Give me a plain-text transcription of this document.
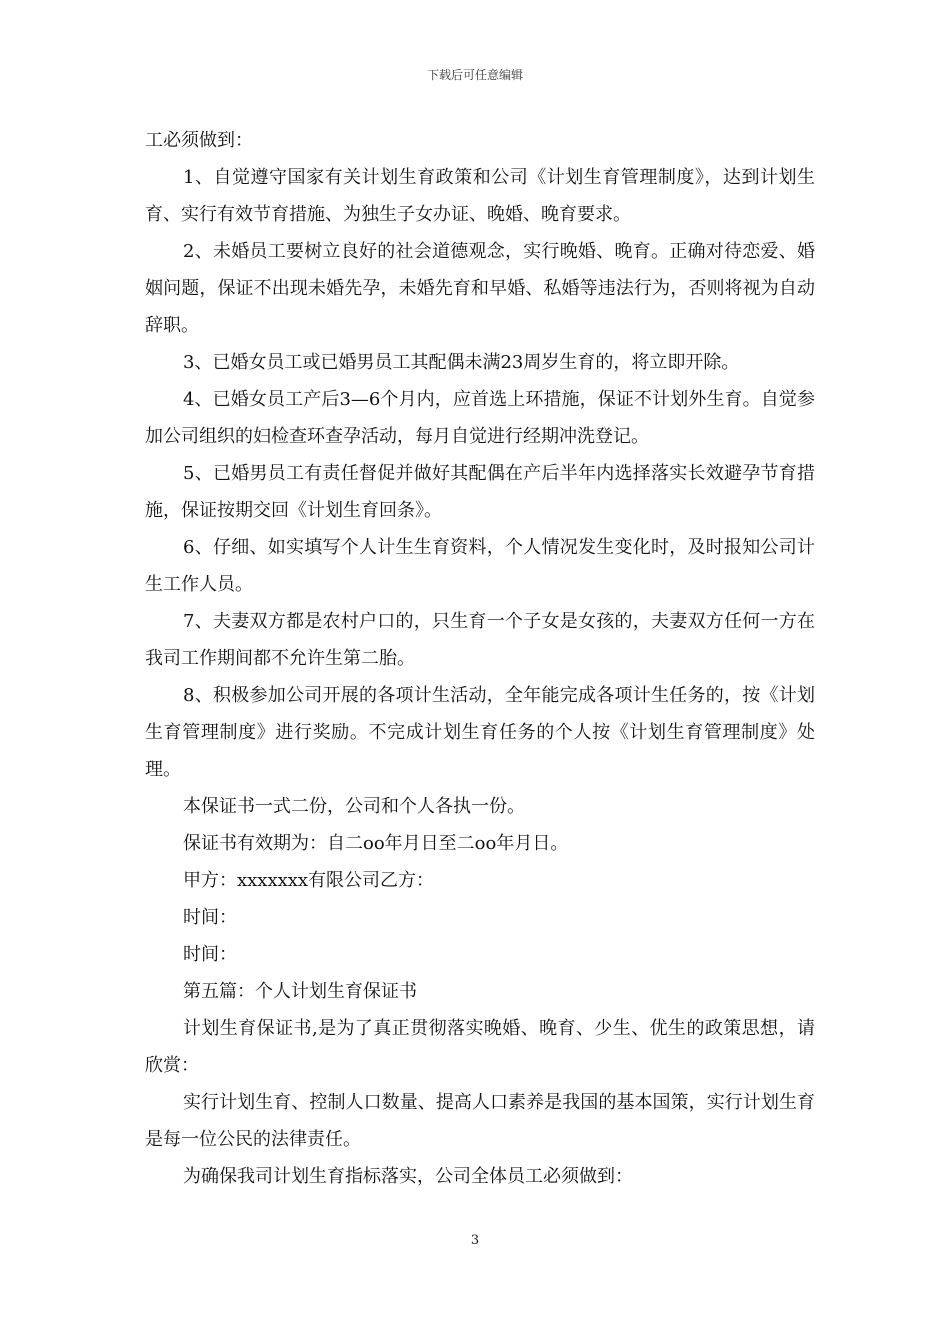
下载后可任意编辑

工必须做到：

1、自觉遵守国家有关计划生育政策和公司《计划生育管理制度》，达到计划生育、实行有效节育措施、为独生子女办证、晚婚、晚育要求。

2、未婚员工要树立良好的社会道德观念，实行晚婚、晚育。正确对待恋爱、婚姻问题，保证不出现未婚先孕，未婚先育和早婚、私婚等违法行为，否则将视为自动辞职。

3、已婚女员工或已婚男员工其配偶未满23周岁生育的，将立即开除。

4、已婚女员工产后3—6个月内，应首选上环措施，保证不计划外生育。自觉参加公司组织的妇检查环查孕活动，每月自觉进行经期冲洗登记。

5、已婚男员工有责任督促并做好其配偶在产后半年内选择落实长效避孕节育措施，保证按期交回《计划生育回条》。

6、仔细、如实填写个人计生生育资料，个人情况发生变化时，及时报知公司计生工作人员。

7、夫妻双方都是农村户口的，只生育一个子女是女孩的，夫妻双方任何一方在我司工作期间都不允许生第二胎。

8、积极参加公司开展的各项计生活动，全年能完成各项计生任务的，按《计划生育管理制度》进行奖励。不完成计划生育任务的个人按《计划生育管理制度》处理。

本保证书一式二份，公司和个人各执一份。

保证书有效期为：自二oo年月日至二oo年月日。

甲方：xxxxxxx有限公司乙方：

时间：

时间：

第五篇：个人计划生育保证书

计划生育保证书,是为了真正贯彻落实晚婚、晚育、少生、优生的政策思想，请欣赏：

实行计划生育、控制人口数量、提高人口素养是我国的基本国策，实行计划生育是每一位公民的法律责任。

为确保我司计划生育指标落实，公司全体员工必须做到：

3
